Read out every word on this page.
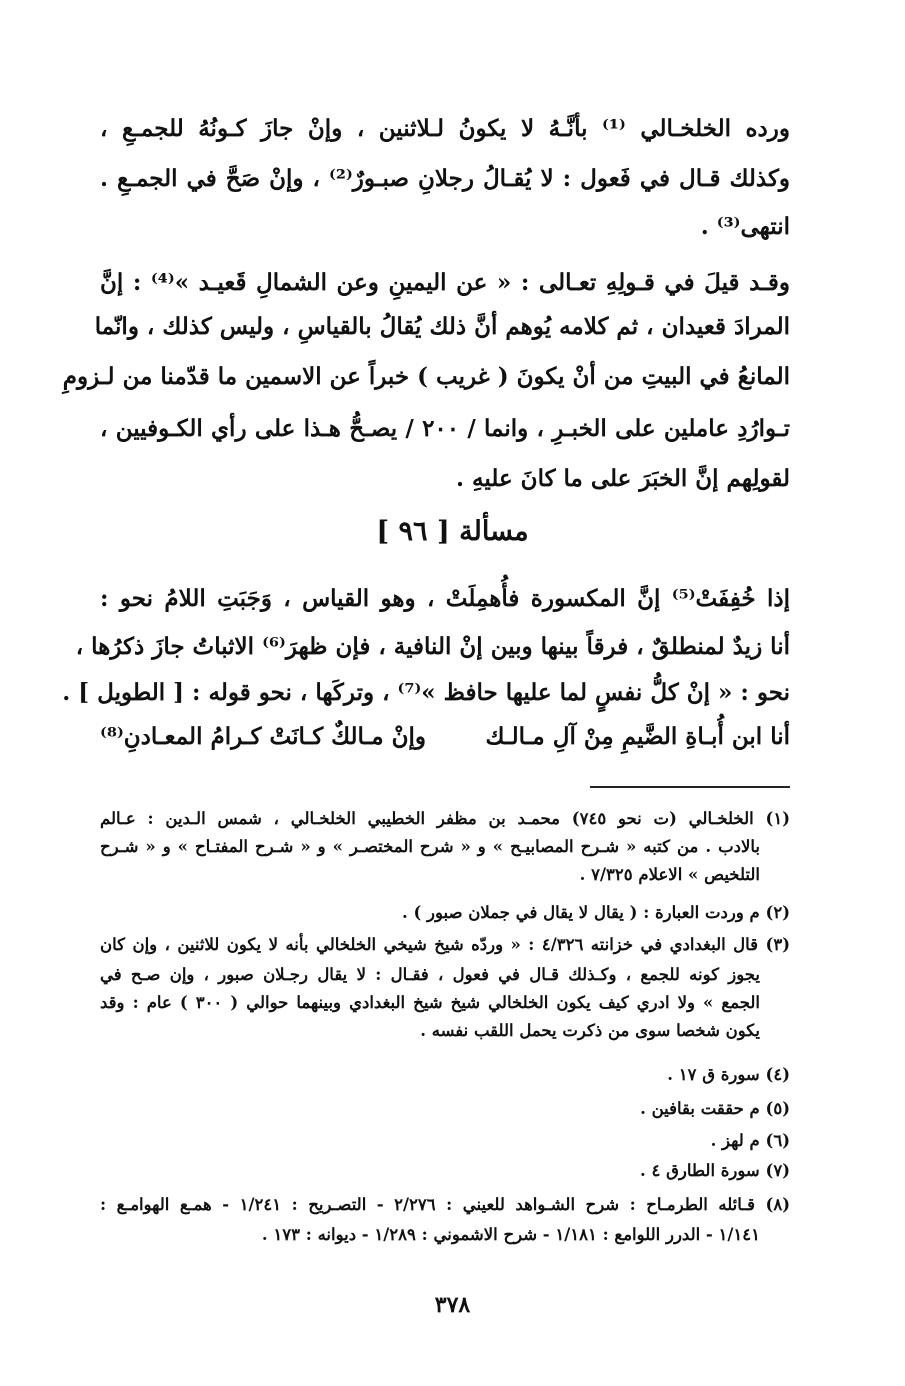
ورده الخلخـالي ⁽¹⁾ بأنَّـهُ لا يكونُ لـلاثنين ، وإنْ جازَ كـونُهُ للجمـعِ ،
وكذلك قـال في فَعول : لا يُقـالُ رجلانِ صبـورٌ⁽²⁾ ، وإنْ صَحَّ في الجمـعِ .
انتهى⁽³⁾ .
وقـد قيلَ في قـولِهِ تعـالى : « عن اليمينِ وعن الشمالِ قَعيـد »⁽⁴⁾ : إنَّ
المرادَ قعيدان ، ثم كلامه يُوهم أنَّ ذلك يُقالُ بالقياسِ ، وليس كذلك ، وانّما
المانعُ في البيتِ من أنْ يكونَ ( غريب ) خبراً عن الاسمين ما قدّمنا من لـزومِ
تـوارُدِ عاملين على الخبـرِ ، وانما / ٢٠٠ / يصـحُّ هـذا على رأي الكـوفيين ،
لقولِهم إنَّ الخبَرَ على ما كانَ عليهِ .
مسألة [ ٩٦ ]
إذا خُفِفَتْ⁽⁵⁾ إنَّ المكسورة فأُهمِلَتْ ، وهو القياس ، وَجَبَتِ اللامُ نحو :
أنا زيدٌ لمنطلقٌ ، فرقاً بينها وبين إنْ النافية ، فإن ظهرَ⁽⁶⁾ الاثباتُ جازَ ذكرُها ،
نحو : « إنْ كلُّ نفسٍ لما عليها حافظ »⁽⁷⁾ ، وتركَها ، نحو قوله : [ الطويل ] .
أنا ابن أُبـاةِ الضَّيمِ مِنْ آلِ مـالـك
وإنْ مـالكٌ كـانَتْ كـرامُ المعـادنِ⁽⁸⁾
(١) الخلخـالي (ت نحو ٧٤٥) محمـد بن مظفر الخطيبي الخلخـالي ، شمس الـدين : عـالم
بالادب . من كتبه « شـرح المصابيـح » و « شرح المختصـر » و « شـرح المفتـاح » و « شـرح
التلخيص » الاعلام ٧/٣٢٥ .
(٢) م وردت العبارة : ( يقال لا يقال في جملان صبور ) .
(٣) قال البغدادي في خزانته ٤/٣٢٦ : « وردّه شيخ شيخي الخلخالي بأنه لا يكون للاثنين ، وإن كان
يجوز كونه للجمع ، وكـذلك قـال في فعول ، فقـال : لا يقال رجـلان صبور ، وإن صـح في
الجمع » ولا ادري كيف يكون الخلخالي شيخ شيخ البغدادي وبينهما حوالي ( ٣٠٠ ) عام : وقد
يكون شخصا سوى من ذكرت يحمل اللقب نفسه .
(٤) سورة ق ١٧ .
(٥) م حققت بقافين .
(٦) م لهز .
(٧) سورة الطارق ٤ .
(٨) قـائله الطرمـاح : شرح الشـواهد للعيني : ٢/٢٧٦ - التصـريح : ١/٢٤١ - همـع الهوامـع :
١/١٤١ - الدرر اللوامع : ١/١٨١ - شرح الاشموني : ١/٢٨٩ - ديوانه : ١٧٣ .
٣٧٨
